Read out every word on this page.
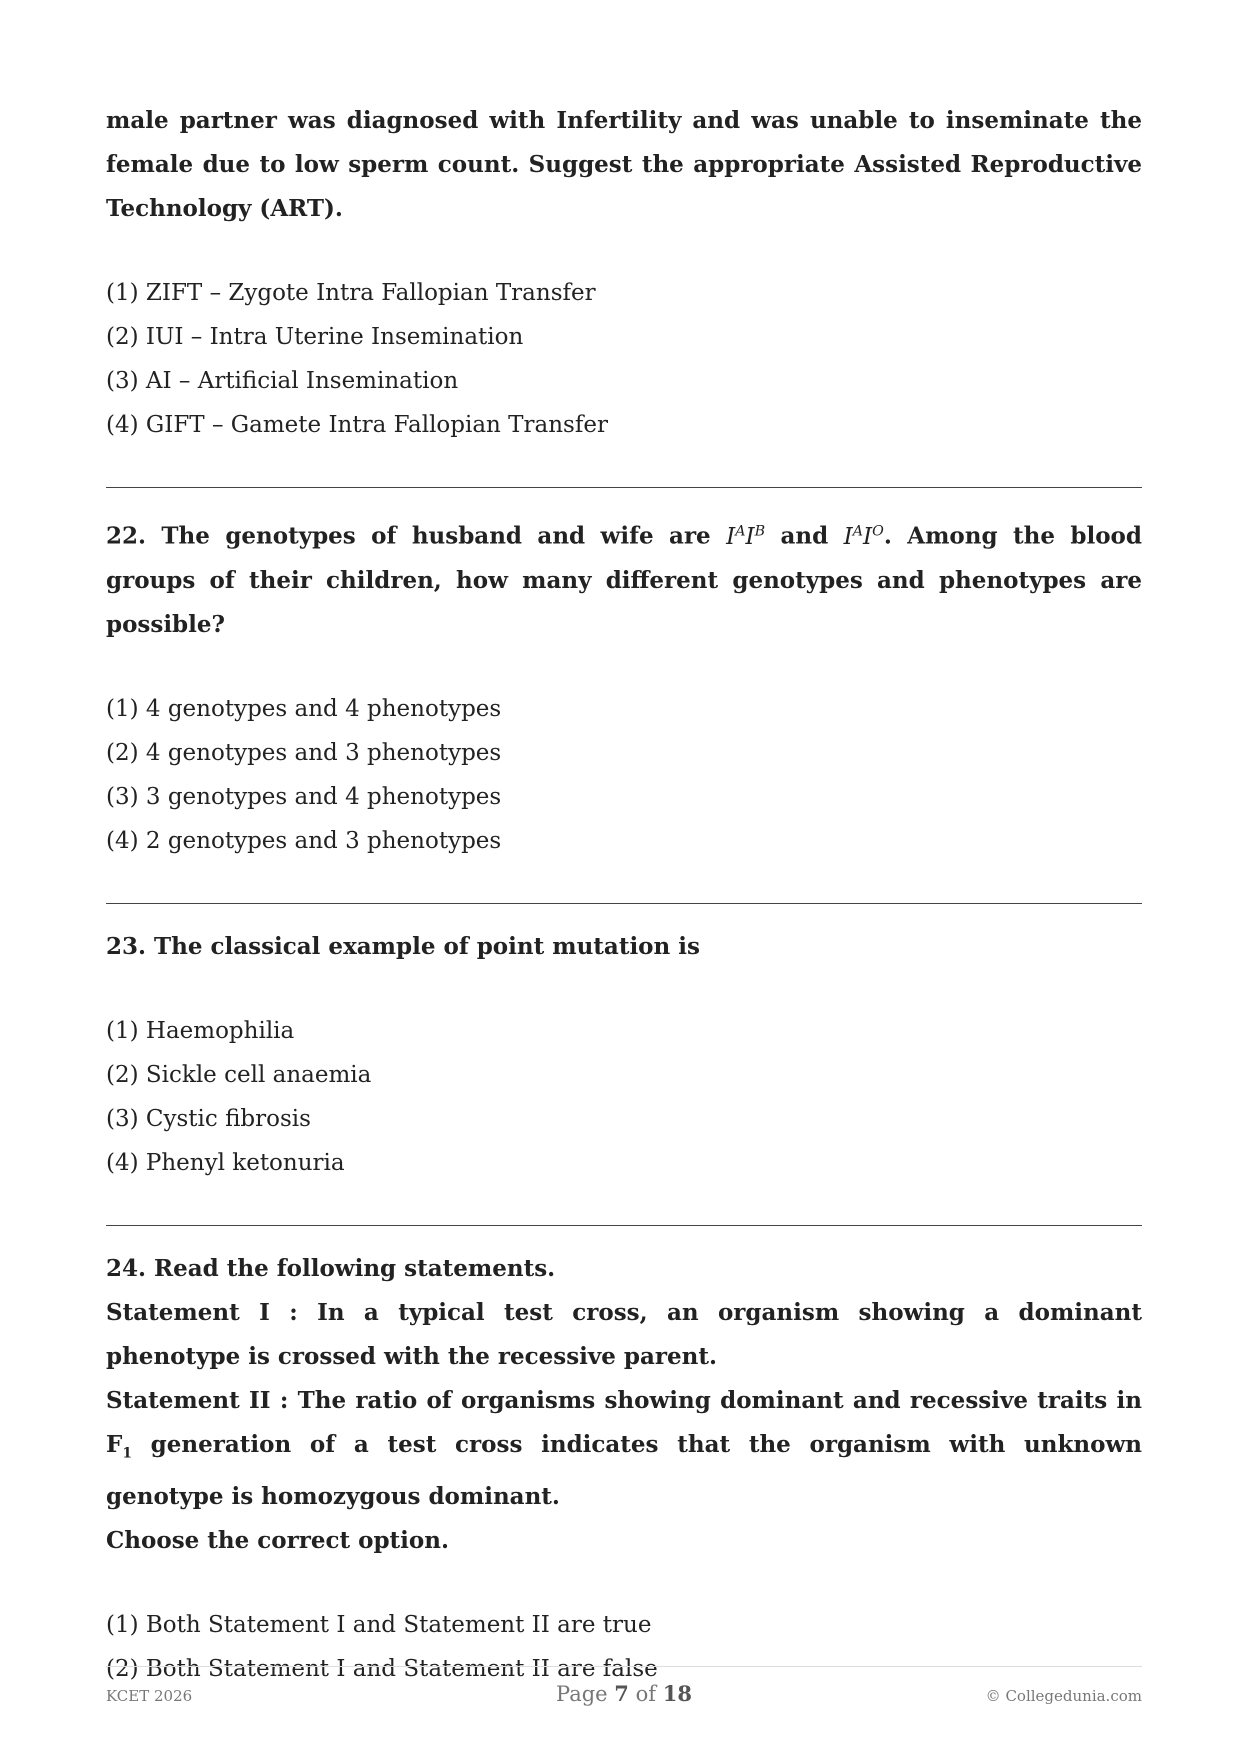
male partner was diagnosed with Infertility and was unable to inseminate the female due to low sperm count. Suggest the appropriate Assisted Reproductive Technology (ART).

(1) ZIFT – Zygote Intra Fallopian Transfer
(2) IUI – Intra Uterine Insemination
(3) AI – Artificial Insemination
(4) GIFT – Gamete Intra Fallopian Transfer

22. The genotypes of husband and wife are $I^AI^B$ and $I^AI^O$. Among the blood groups of their children, how many different genotypes and phenotypes are possible?

(1) 4 genotypes and 4 phenotypes
(2) 4 genotypes and 3 phenotypes
(3) 3 genotypes and 4 phenotypes
(4) 2 genotypes and 3 phenotypes

23. The classical example of point mutation is

(1) Haemophilia
(2) Sickle cell anaemia
(3) Cystic fibrosis
(4) Phenyl ketonuria

24. Read the following statements.

Statement I : In a typical test cross, an organism showing a dominant phenotype is crossed with the recessive parent.

Statement II : The ratio of organisms showing dominant and recessive traits in $F_1$ generation of a test cross indicates that the organism with unknown genotype is homozygous dominant.

Choose the correct option.

(1) Both Statement I and Statement II are true
(2) Both Statement I and Statement II are false
KCET 2026	Page 7 of 18	© Collegedunia.com
